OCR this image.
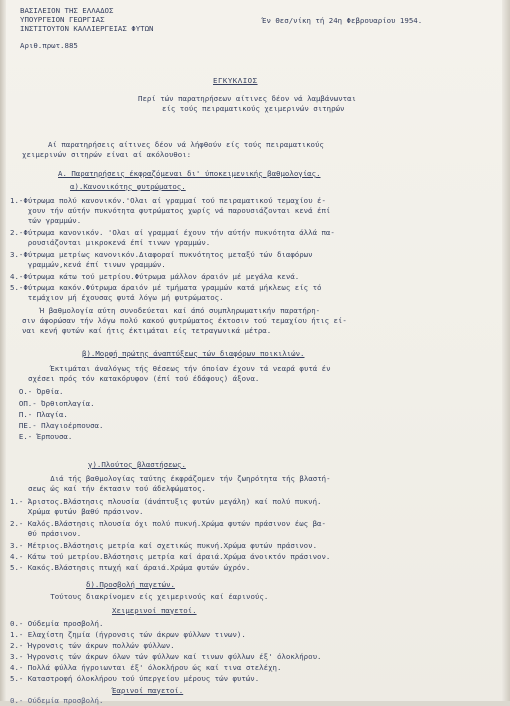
ΒΑΣΙΛΕΙΟΝ ΤΗΣ ΕΛΛΑΔΟΣ
ΥΠΟΥΡΓΕΙΟΝ ΓΕΩΡΓΙΑΣ
ΙΝΣΤΙΤΟΥΤΟΝ ΚΑΛΛΙΕΡΓΕΙΑΣ ΦΥΤΩΝ
Αριθ.πρωτ.885
Έν Θεσ/νίκη τή 24η Φεβρουαρίου 1954.
ΕΓΚΥΚΛΙΟΣ
Περί τών παρατηρήσεων αίτινες δέον νά λαμβάνωνται
είς τούς πειραματικούς χειμερινών σιτηρών
Αί παρατηρήσεις αίτινες δέον νά λήφθούν είς τούς πειραματικούς
χειμερινών σιτηρών είναι αί ακόλουθοι:
Α. Παρατηρήσεις έκφραζόμεναι δι' ύποκειμενικής βαθμολογίας.
α).Κανονικότης φυτρώματος.
1.-Φύτρωμα πολύ κανονικόν.'Ολαι αί γραμμαί τού πειραματικού τεμαχίου έ-
χουν τήν αύτήν πυκνότητα φυτρώματος χωρίς νά παρουσιάζονται κενά έπί
τών γραμμών.
2.-Φύτρωμα κανονικόν. 'Ολαι αί γραμμαί έχουν τήν αύτήν πυκνότητα άλλά πα-
ρουσιάζονται μικροκενά έπί τινων γραμμών.
3.-Φύτρωμα μετρίως κανονικόν.Διαφοραί πυκνότητος μεταξύ τών διαφόρων
γραμμών,κενά έπί τινων γραμμών.
4.-Φύτρωμα κάτω τού μετρίου.Φύτρωμα μάλλον άραιόν μέ μεγάλα κενά.
5.-Φύτρωμα κακόν.Φύτρωμα άραιόν μέ τμήματα γραμμών κατά μήκλεως είς τό
τεμάχιον μή έχουσας φυτά λόγω μή φυτρώματος.
Ή βαθμολογία αύτη συνοδεύεται καί άπό συμπληρωματικήν παρατήρη-
σιν άφορώσαν τήν λόγω πολύ κακού φυτρώματος έκτοσιν τού τεμαχίου ήτις εί-
ναι κενή φυτών καί ήτις έκτιμάται είς τετραγωνικά μέτρα.
β).Μορφή πρώτης άναπτύξεως τών διαφόρων ποικιλιών.
Έκτιμάται άναλόγως τής θέσεως τήν όποίαν έχουν τά νεαρά φυτά έν
σχέσει πρός τόν κατακόρυφον (έπί τού έδάφους) άξονα.
Ο.- Όρθία.
ΟΠ.- Όρθιοπλαγία.
Π.- Πλαγία.
ΠΕ.- Πλαγιοέρπουσα.
Ε.- Έρπουσα.
γ).Πλούτος βλαστήσεως.
Διά τής βαθμολογίας ταύτης έκφράζομεν τήν ζωηρότητα τής βλαστή-
σεως ώς καί τήν έκτασιν τού άδελφώματος.
1.- Άριστος.Βλάστησις πλουσία (άνάπτυξις φυτών μεγάλη) καί πολύ πυκνή.
Χρώμα φυτών βαθύ πράσινον.
2.- Καλός.Βλάστησις πλουσία όχι πολύ πυκνή.Χρώμα φυτών πράσινον έως βα-
θύ πράσινον.
3.- Μέτριος.Βλάστησις μετρία καί σχετικώς πυκνή.Χρώμα φυτών πράσινον.
4.- Κάτω τού μετρίου.Βλάστησις μετρία καί άραιά.Χρώμα άνοικτόν πράσινον.
5.- Κακός.Βλάστησις πτωχή καί άραιά.Χρώμα φυτών ώχρόν.
δ).Προσβολή παγετών.
Τούτους διακρίνομεν είς χειμερινούς καί έαρινούς.
Χειμερινοί παγετοί.
0.- Ούδεμία προσβολή.
1.- Ελαχίστη ζημία (ήγρονσις τών άκρων φύλλων τινων).
2.- Ήγρονσις τών άκρων πολλών φύλλων.
3.- Ήγρονσις τών άκρων όλων τών φύλλων καί τινων φύλλων έξ' όλοκλήρου.
4.- Πολλά φύλλα ήγροιωνται έξ' όλοκλήρου ώς καί τινα στελέχη.
5.- Καταστροφή όλοκλήρου τού ύπεργείου μέρους τών φυτών.
Έαρινοί παγετοί.
0.- Ούδεμία προσβολή.
